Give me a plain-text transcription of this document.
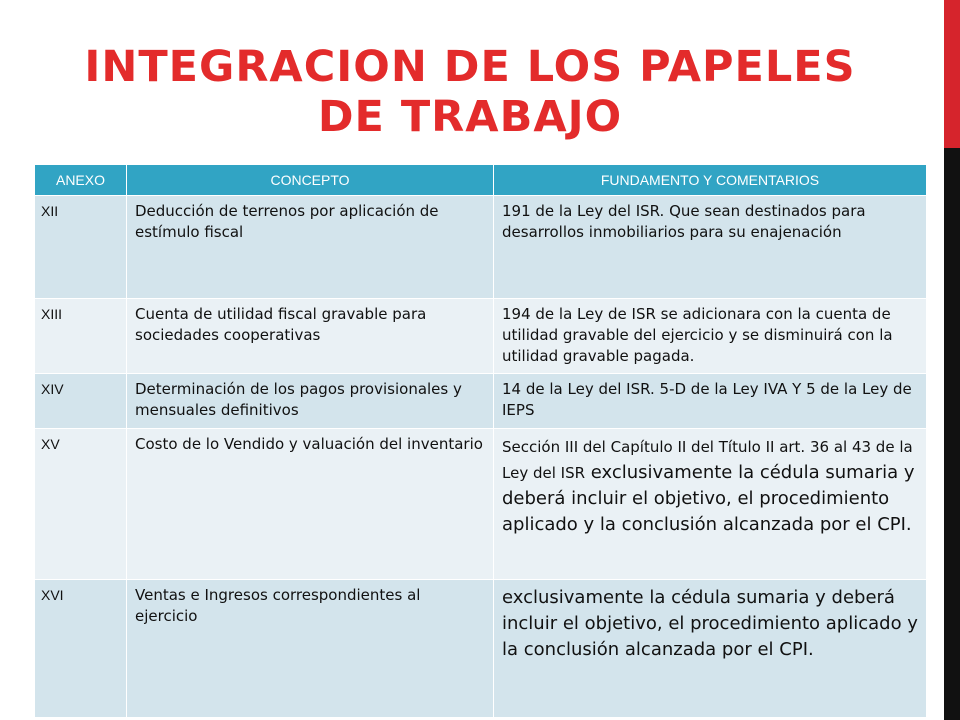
INTEGRACION DE LOS PAPELES
DE TRABAJO
ANEXO	CONCEPTO	FUNDAMENTO Y COMENTARIOS
XII	Deducción de terrenos por aplicación de estímulo fiscal	191 de la Ley del ISR. Que sean destinados para desarrollos inmobiliarios para su enajenación
XIII	Cuenta de utilidad fiscal gravable para sociedades cooperativas	194 de la Ley de ISR se adicionara con la cuenta de utilidad gravable del ejercicio y se disminuirá con la utilidad gravable pagada.
XIV	Determinación de los pagos provisionales y mensuales definitivos	14 de la Ley del ISR. 5-D de la Ley IVA Y 5 de la Ley de IEPS
XV	Costo de lo Vendido y valuación del inventario	Sección III del Capítulo II del Título II art. 36 al 43 de la Ley del ISR exclusivamente la cédula sumaria y deberá incluir el objetivo, el procedimiento aplicado y la conclusión alcanzada por el CPI.
XVI	Ventas e Ingresos correspondientes al ejercicio	exclusivamente la cédula sumaria y deberá incluir el objetivo, el procedimiento aplicado y la conclusión alcanzada por el CPI.
